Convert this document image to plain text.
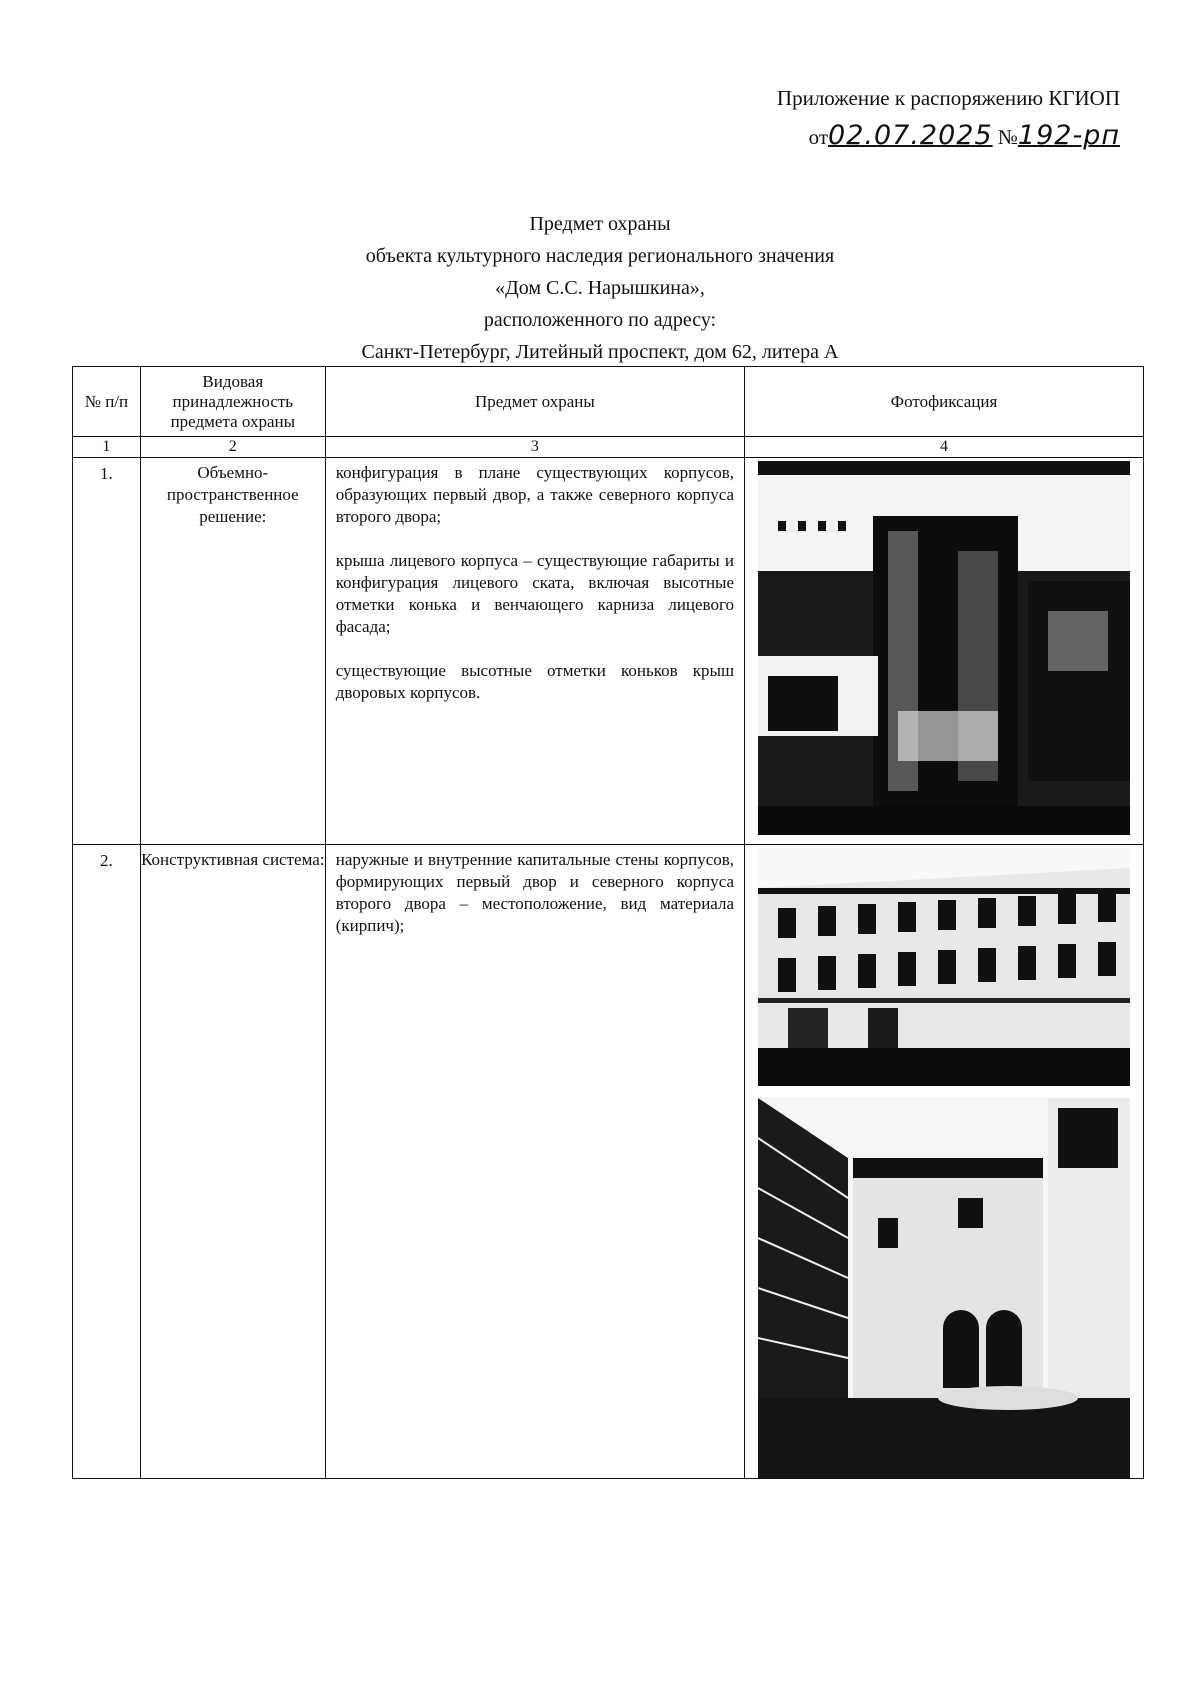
Приложение к распоряжению КГИОП
от02.07.2025 №192-рп
Предмет охраны
объекта культурного наследия регионального значения
«Дом С.С. Нарышкина»,
расположенного по адресу:
Санкт-Петербург, Литейный проспект, дом 62, литера А
№ п/п	Видовая принадлежность предмета охраны	Предмет охраны	Фотофиксация
1	2	3	4
1.	Объемно-пространственное решение:	конфигурация в плане существующих корпусов, образующих первый двор, а также северного корпуса второго двора;

крыша лицевого корпуса – существующие габариты и конфигурация лицевого ската, включая высотные отметки конька и венчающего карниза лицевого фасада;

существующие высотные отметки коньков крыш дворовых корпусов.

2.	Конструктивная система:	наружные и внутренние капитальные стены корпусов, формирующих первый двор и северного корпуса второго двора – местоположение, вид материала (кирпич);
